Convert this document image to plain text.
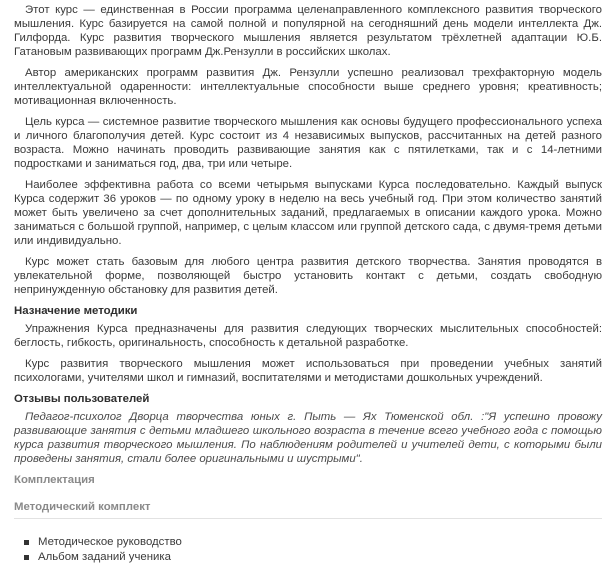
Этот курс — единственная в России программа целенаправленного комплексного развития творческого мышления. Курс базируется на самой полной и популярной на сегодняшний день модели интеллекта Дж. Гилфорда. Курс развития творческого мышления является результатом трёхлетней адаптации Ю.Б. Гатановым развивающих программ Дж.Рензулли в российских школах.

Автор американских программ развития Дж. Рензулли успешно реализовал трехфакторную модель интеллектуальной одаренности: интеллектуальные способности выше среднего уровня; креативность; мотивационная включенность.

Цель курса — системное развитие творческого мышления как основы будущего профессионального успеха и личного благополучия детей. Курс состоит из 4 независимых выпусков, рассчитанных на детей разного возраста. Можно начинать проводить развивающие занятия как с пятилетками, так и с 14-летними подростками и заниматься год, два, три или четыре.

Наиболее эффективна работа со всеми четырьмя выпусками Курса последовательно. Каждый выпуск Курса содержит 36 уроков — по одному уроку в неделю на весь учебный год. При этом количество занятий может быть увеличено за счет дополнительных заданий, предлагаемых в описании каждого урока. Можно заниматься с большой группой, например, с целым классом или группой детского сада, с двумя-тремя детьми или индивидуально.

Курс может стать базовым для любого центра развития детского творчества. Занятия проводятся в увлекательной форме, позволяющей быстро установить контакт с детьми, создать свободную непринужденную обстановку для развития детей.

Назначение методики

Упражнения Курса предназначены для развития следующих творческих мыслительных способностей: беглость, гибкость, оригинальность, способность к детальной разработке.

Курс развития творческого мышления может использоваться при проведении учебных занятий психологами, учителями школ и гимназий, воспитателями и методистами дошкольных учреждений.

Отзывы пользователей

Педагог-психолог Дворца творчества юных г. Пыть — Ях Тюменской обл. :"Я успешно провожу развивающие занятия с детьми младшего школьного возраста в течение всего учебного года с помощью курса развития творческого мышления. По наблюдениям родителей и учителей дети, с которыми были проведены занятия, стали более оригинальными и шустрыми".

Комплектация
Методический комплект
Методическое руководство
Альбом заданий ученика
